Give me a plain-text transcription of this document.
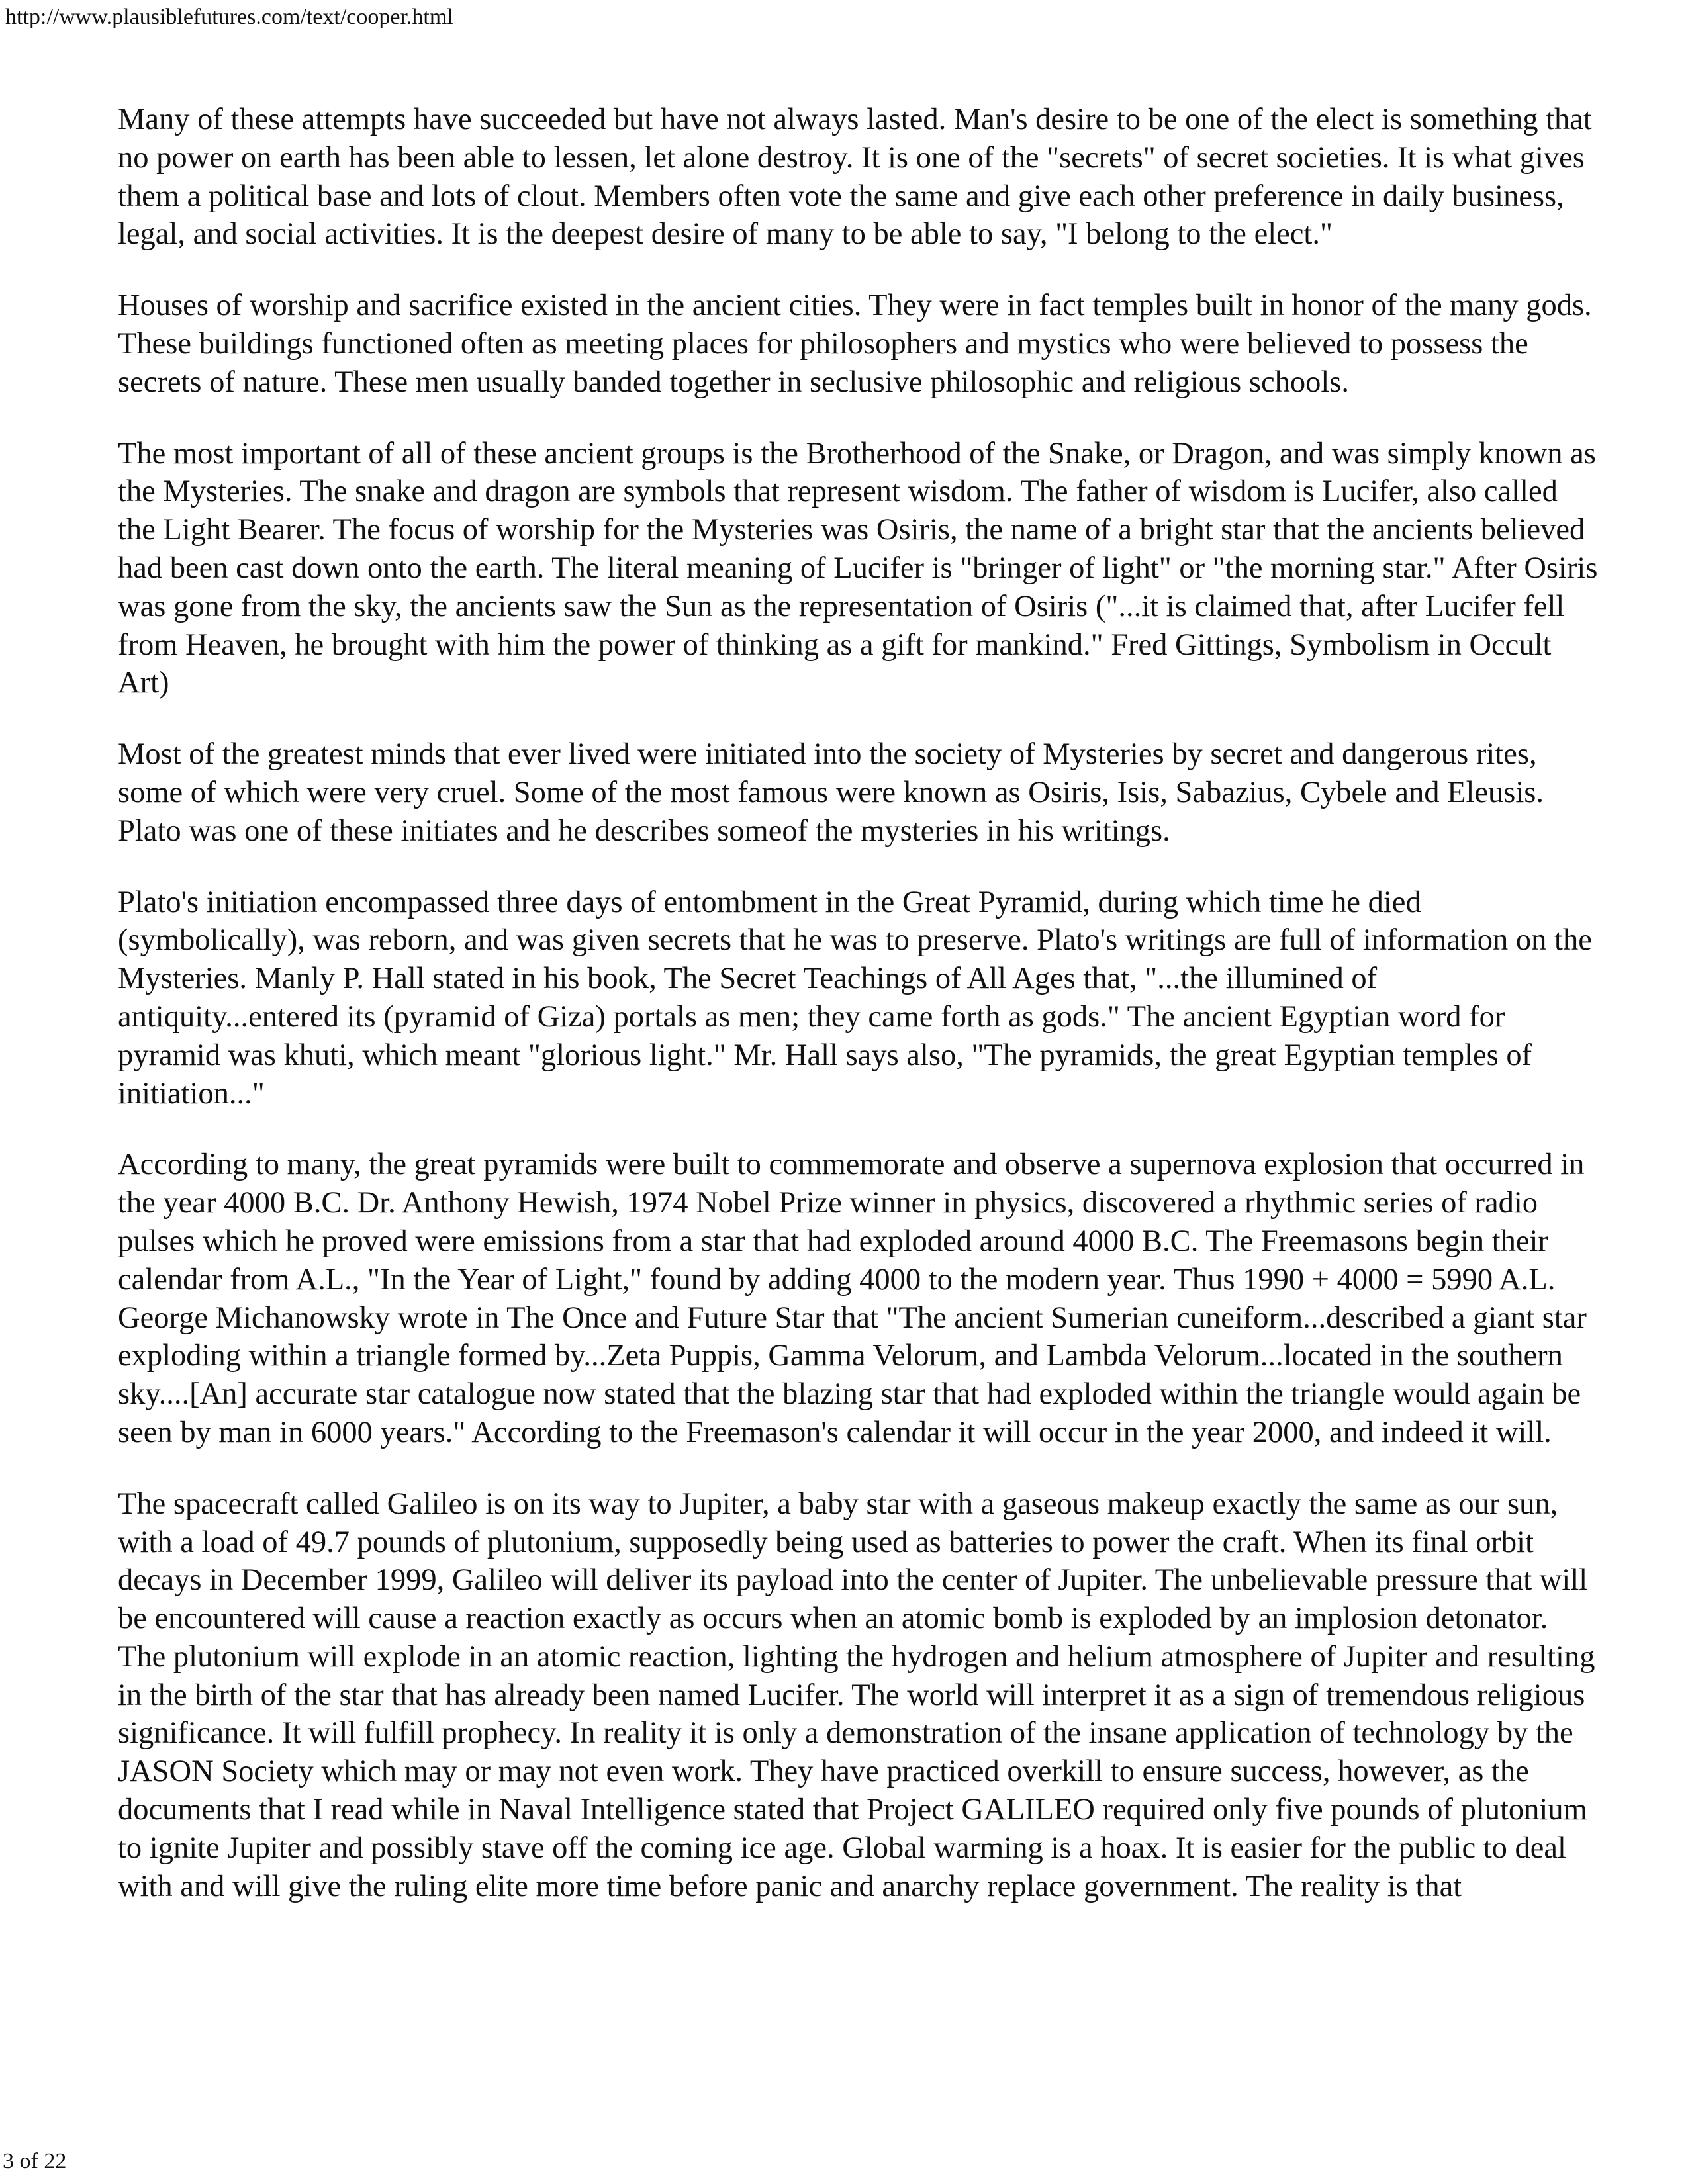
http://www.plausiblefutures.com/text/cooper.html

Many of these attempts have succeeded but have not always lasted. Man's desire to be one of the elect is something that no power on earth has been able to lessen, let alone destroy. It is one of the "secrets" of secret societies. It is what gives them a political base and lots of clout. Members often vote the same and give each other preference in daily business, legal, and social activities. It is the deepest desire of many to be able to say, "I belong to the elect."

Houses of worship and sacrifice existed in the ancient cities. They were in fact temples built in honor of the many gods. These buildings functioned often as meeting places for philosophers and mystics who were believed to possess the secrets of nature. These men usually banded together in seclusive philosophic and religious schools.

The most important of all of these ancient groups is the Brotherhood of the Snake, or Dragon, and was simply known as the Mysteries. The snake and dragon are symbols that represent wisdom. The father of wisdom is Lucifer, also called the Light Bearer. The focus of worship for the Mysteries was Osiris, the name of a bright star that the ancients believed had been cast down onto the earth. The literal meaning of Lucifer is "bringer of light" or "the morning star." After Osiris was gone from the sky, the ancients saw the Sun as the representation of Osiris ("...it is claimed that, after Lucifer fell from Heaven, he brought with him the power of thinking as a gift for mankind." Fred Gittings, Symbolism in Occult Art)

Most of the greatest minds that ever lived were initiated into the society of Mysteries by secret and dangerous rites, some of which were very cruel. Some of the most famous were known as Osiris, Isis, Sabazius, Cybele and Eleusis. Plato was one of these initiates and he describes someof the mysteries in his writings.

Plato's initiation encompassed three days of entombment in the Great Pyramid, during which time he died (symbolically), was reborn, and was given secrets that he was to preserve. Plato's writings are full of information on the Mysteries. Manly P. Hall stated in his book, The Secret Teachings of All Ages that, "...the illumined of antiquity...entered its (pyramid of Giza) portals as men; they came forth as gods." The ancient Egyptian word for pyramid was khuti, which meant "glorious light." Mr. Hall says also, "The pyramids, the great Egyptian temples of initiation..."

According to many, the great pyramids were built to commemorate and observe a supernova explosion that occurred in the year 4000 B.C. Dr. Anthony Hewish, 1974 Nobel Prize winner in physics, discovered a rhythmic series of radio pulses which he proved were emissions from a star that had exploded around 4000 B.C. The Freemasons begin their calendar from A.L., "In the Year of Light," found by adding 4000 to the modern year. Thus 1990 + 4000 = 5990 A.L. George Michanowsky wrote in The Once and Future Star that "The ancient Sumerian cuneiform...described a giant star exploding within a triangle formed by...Zeta Puppis, Gamma Velorum, and Lambda Velorum...located in the southern sky....[An] accurate star catalogue now stated that the blazing star that had exploded within the triangle would again be seen by man in 6000 years." According to the Freemason's calendar it will occur in the year 2000, and indeed it will.

The spacecraft called Galileo is on its way to Jupiter, a baby star with a gaseous makeup exactly the same as our sun, with a load of 49.7 pounds of plutonium, supposedly being used as batteries to power the craft. When its final orbit decays in December 1999, Galileo will deliver its payload into the center of Jupiter. The unbelievable pressure that will be encountered will cause a reaction exactly as occurs when an atomic bomb is exploded by an implosion detonator. The plutonium will explode in an atomic reaction, lighting the hydrogen and helium atmosphere of Jupiter and resulting in the birth of the star that has already been named Lucifer. The world will interpret it as a sign of tremendous religious significance. It will fulfill prophecy. In reality it is only a demonstration of the insane application of technology by the JASON Society which may or may not even work. They have practiced overkill to ensure success, however, as the documents that I read while in Naval Intelligence stated that Project GALILEO required only five pounds of plutonium to ignite Jupiter and possibly stave off the coming ice age. Global warming is a hoax. It is easier for the public to deal with and will give the ruling elite more time before panic and anarchy replace government. The reality is that

3 of 22
